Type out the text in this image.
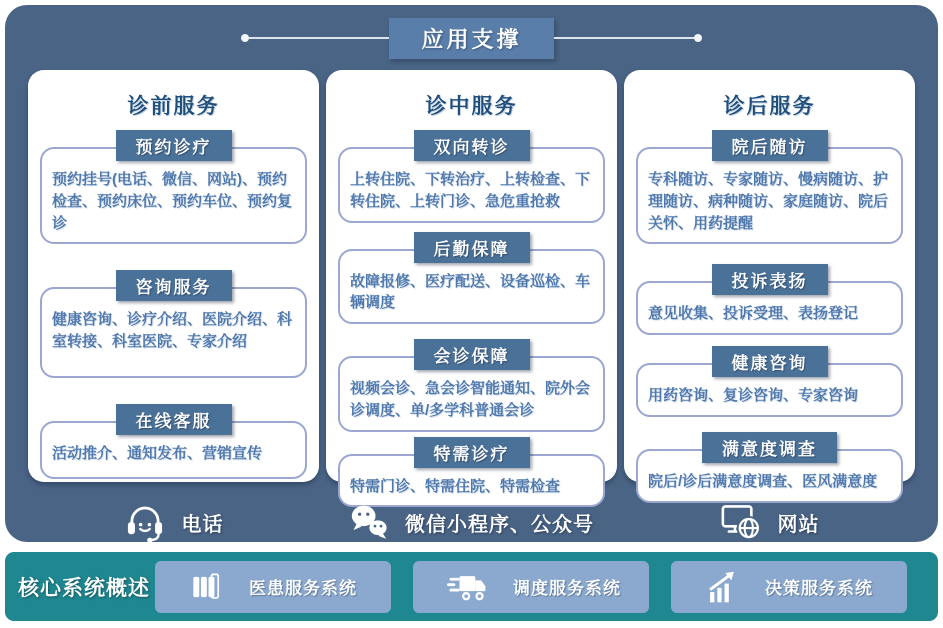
应用支撑
诊前服务
预约诊疗
预约挂号(电话、微信、网站)、预约检查、预约床位、预约车位、预约复诊
咨询服务
健康咨询、诊疗介绍、医院介绍、科室转接、科室医院、专家介绍
在线客服
活动推介、通知发布、营销宣传
诊中服务
双向转诊
上转住院、下转治疗、上转检查、下转住院、上转门诊、急危重抢救
后勤保障
故障报修、医疗配送、设备巡检、车辆调度
会诊保障
视频会诊、急会诊智能通知、院外会诊调度、单/多学科普通会诊
特需诊疗
特需门诊、特需住院、特需检查
诊后服务
院后随访
专科随访、专家随访、慢病随访、护理随访、病种随访、家庭随访、院后关怀、用药提醒
投诉表扬
意见收集、投诉受理、表扬登记
健康咨询
用药咨询、复诊咨询、专家咨询
满意度调查
院后/诊后满意度调查、医风满意度
电话	微信小程序、公众号	网站
核心系统概述	医患服务系统	调度服务系统	决策服务系统
